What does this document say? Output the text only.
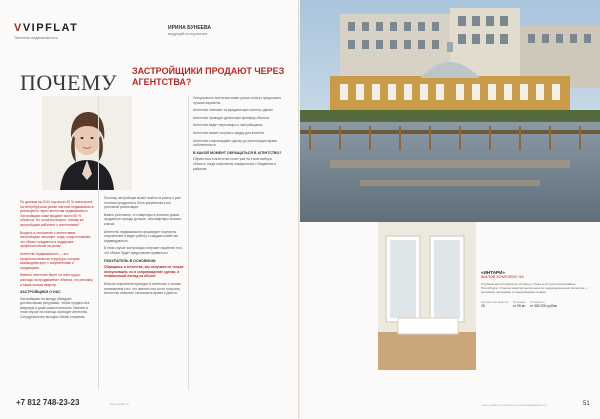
VVIPFLAT
Элитная недвижимость
ИРИНА БУНЕЕВА
ведущий консультант
ПОЧЕМУ ЗАСТРОЙЩИКИ ПРОДАЮТ ЧЕРЕЗ АГЕНТСТВА?

По данным на 2014 год около 40 % новостроек на петербургском рынке элитной недвижимости реализуется через агентства недвижимости. Застройщики сами продают около 60 % объектов. Но остается вопрос: почему же застройщики работают с агентствами?

Входить в отношения с агентствами застройщики начинают тогда, когда понимают, что объект нуждается в поддержке профессионалов на рынке.

Агентство недвижимости — это профессиональная структура, которая взаимодействует с покупателями и продавцами.

Именно агентство берет на себя труд и расходы на продвижение объекта, его рекламу, а также показы квартир.

ЗАСТРОЙЩИКИ О НАС

Застройщики не всегда обладают достаточными ресурсами, чтобы продать все квартиры в доме самостоятельно. Именно в этом случае на помощь приходят агентства. Сотрудничество выгодно обеим сторонам.

Поэтому застройщик может выйти на рынок с уже готовым продуктом и быть уверенным в его успешной реализации.

Важно учитывать, что квартиры в элитных домах продаются гораздо дольше, чем квартиры эконом-класса.

Агентство недвижимости формирует портфель покупателей и ведет работу с каждым клиентом индивидуально.

В этом случае застройщик получает гарантию того, что объект будет представлен правильно.

ПОКУПАТЕЛЬ В ОСНОВНОМ:

Обращаясь в агентство, мы получаем не только консультацию, но и сопровождение сделки, и независимый взгляд на объект.

Многие покупатели приходят в агентство с четким пониманием того, что именно они хотят получить. Агентство помогает сэкономить время и деньги.

Специалисты агентства знают рынок и могут предложить лучшие варианты.

Агентство отвечает за юридическую чистоту сделки.

Агентство проводит детальную проверку объекта.

Агентство ведет переговоры с застройщиком.

Агентство может получить скидку для клиента.

Агентство сопровождает сделку до регистрации права собственности.

В КАКОЙ МОМЕНТ ОБРАЩАТЬСЯ В АГЕНТСТВО?

Обратиться в агентство стоит уже на этапе выбора объекта, когда покупатель определился с бюджетом и районом.

+7 812 748-23-23	www.vipflat.ru
«ИНТАРИ»
ЖИЛОЙ КОМПЛЕКС НА
Клубный жилой комплекс на берегу Невы в историческом районе Петербурга. Отделка квартир выполнена по индивидуальным проектам, с высокими потолками и панорамными окнами.
Количество квартир
28
Площадь
от 95 м²
Стоимость
от 380 000 руб/м²
www.vipflat.ru | журнал элитной недвижимости	51
